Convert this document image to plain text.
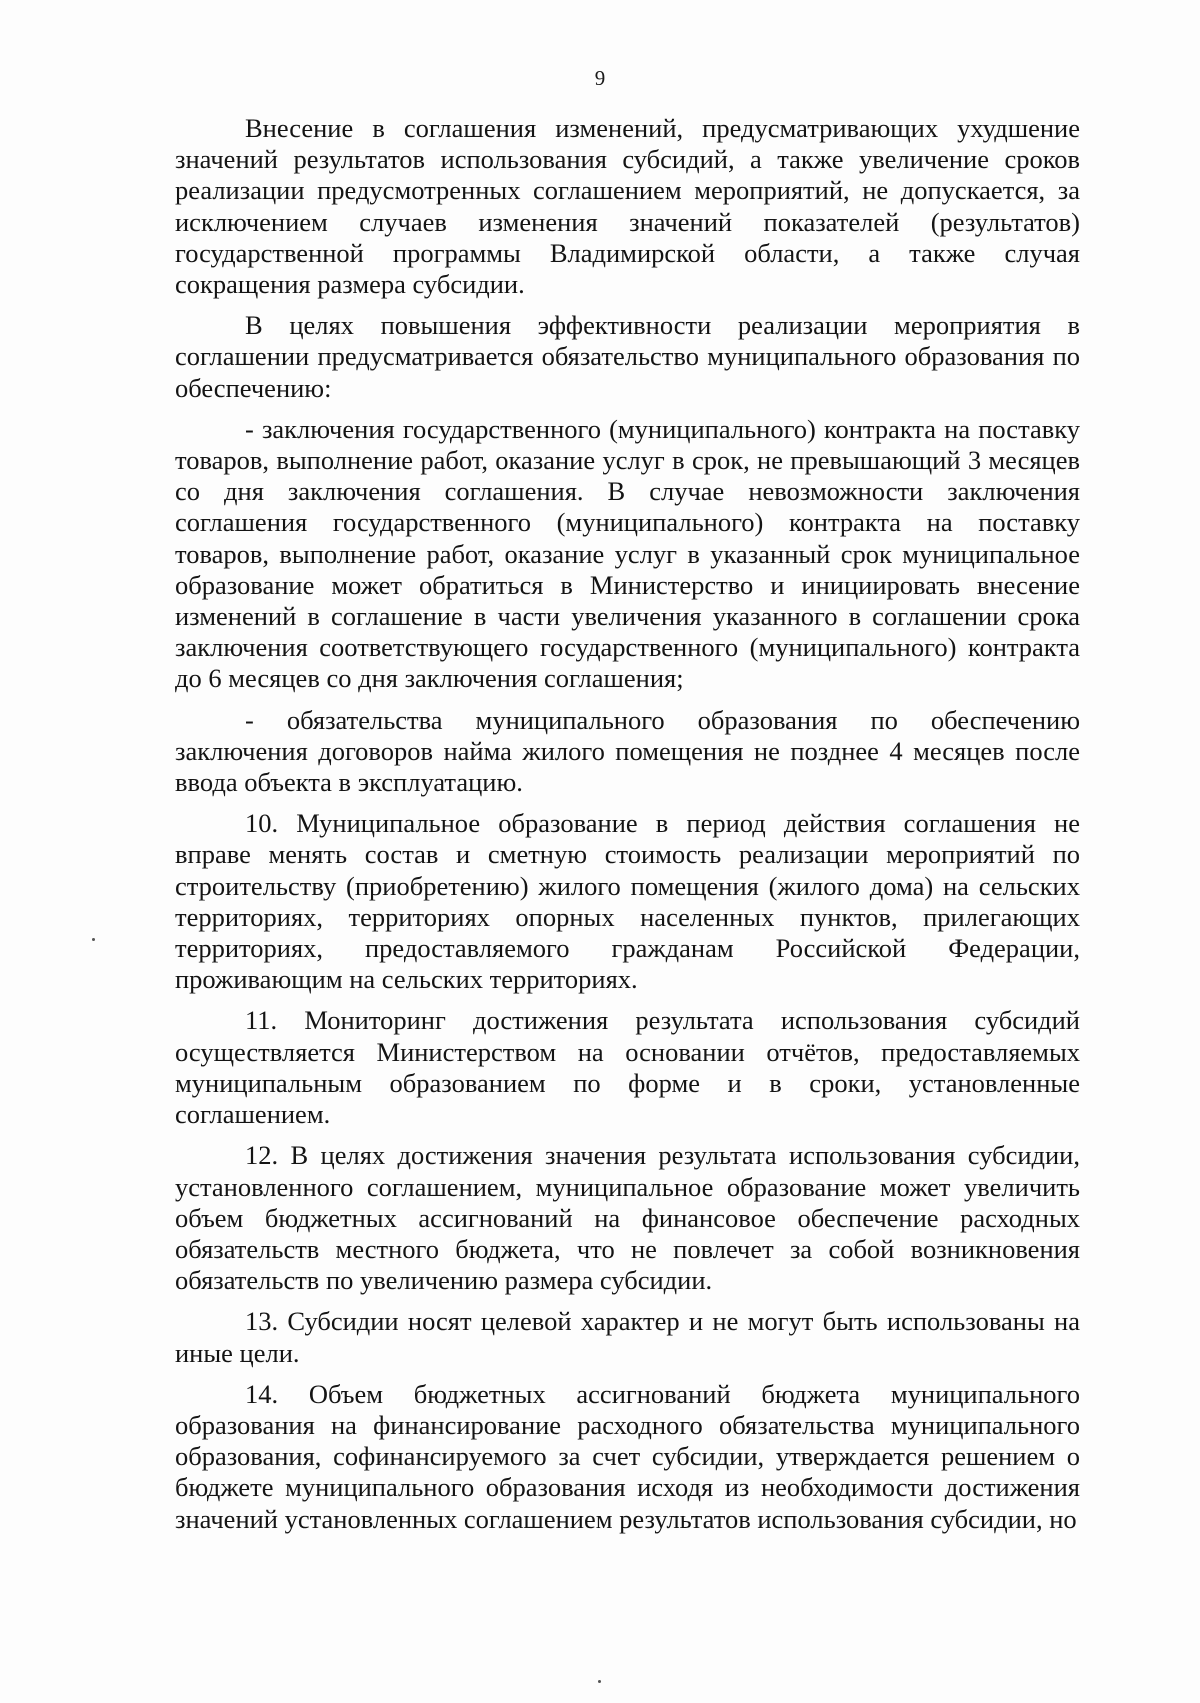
9

Внесение в соглашения изменений, предусматривающих ухудшение значений результатов использования субсидий, а также увеличение сроков реализации предусмотренных соглашением мероприятий, не допускается, за исключением случаев изменения значений показателей (результатов) государственной программы Владимирской области, а также случая сокращения размера субсидии.

В целях повышения эффективности реализации мероприятия в соглашении предусматривается обязательство муниципального образования по обеспечению:

- заключения государственного (муниципального) контракта на поставку товаров, выполнение работ, оказание услуг в срок, не превышающий 3 месяцев со дня заключения соглашения. В случае невозможности заключения соглашения государственного (муниципального) контракта на поставку товаров, выполнение работ, оказание услуг в указанный срок муниципальное образование может обратиться в Министерство и инициировать внесение изменений в соглашение в части увеличения указанного в соглашении срока заключения соответствующего государственного (муниципального) контракта до 6 месяцев со дня заключения соглашения;

- обязательства муниципального образования по обеспечению заключения договоров найма жилого помещения не позднее 4 месяцев после ввода объекта в эксплуатацию.

10. Муниципальное образование в период действия соглашения не вправе менять состав и сметную стоимость реализации мероприятий по строительству (приобретению) жилого помещения (жилого дома) на сельских территориях, территориях опорных населенных пунктов, прилегающих территориях, предоставляемого гражданам Российской Федерации, проживающим на сельских территориях.

11. Мониторинг достижения результата использования субсидий осуществляется Министерством на основании отчётов, предоставляемых муниципальным образованием по форме и в сроки, установленные соглашением.

12. В целях достижения значения результата использования субсидии, установленного соглашением, муниципальное образование может увеличить объем бюджетных ассигнований на финансовое обеспечение расходных обязательств местного бюджета, что не повлечет за собой возникновения обязательств по увеличению размера субсидии.

13. Субсидии носят целевой характер и не могут быть использованы на иные цели.

14. Объем бюджетных ассигнований бюджета муниципального образования на финансирование расходного обязательства муниципального образования, софинансируемого за счет субсидии, утверждается решением о бюджете муниципального образования исходя из необходимости достижения значений установленных соглашением результатов использования субсидии, но
